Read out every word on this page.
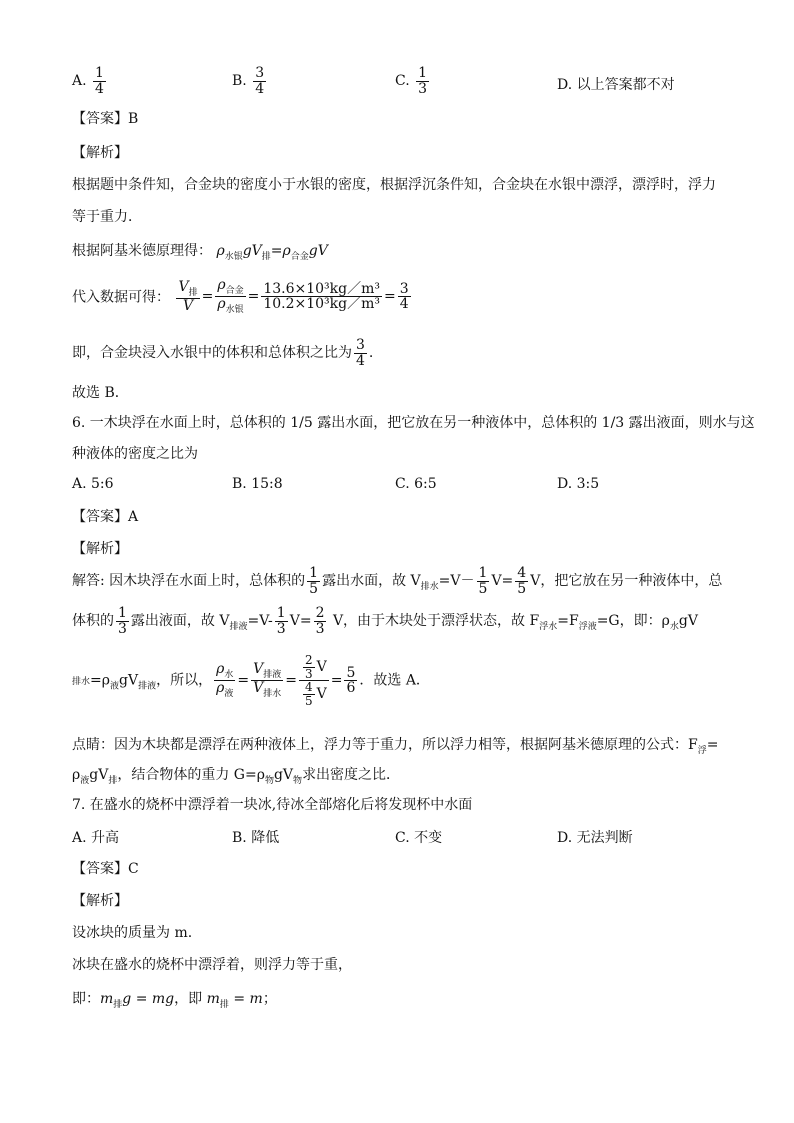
A. $\frac{1}{4}$	B. $\frac{3}{4}$	C. $\frac{1}{3}$	D. 以上答案都不对
【答案】B
【解析】
根据题中条件知，合金块的密度小于水银的密度，根据浮沉条件知，合金块在水银中漂浮，漂浮时，浮力
等于重力．
根据阿基米德原理得： $\rho_{水银}gV_排=\rho_{合金}gV$
代入数据可得： $\frac{V_排}{V} = \frac{\rho_{合金}}{\rho_{水银}} = \frac{\text{13.6×10³kg／m³}}{\text{10.2×10³kg／m³}} = \frac{3}{4}$
即，合金块浸入水银中的体积和总体积之比为 $\frac{3}{4}$ .
故选 B．
6. 一木块浮在水面上时，总体积的 1/5 露出水面，把它放在另一种液体中，总体积的 1/3 露出液面，则水与这
种液体的密度之比为
A. 5:6	B. 15:8	C. 6:5	D. 3:5
【答案】A
【解析】
解答: 因木块浮在水面上时，总体积的 $\frac{1}{5}$ 露出水面，故 $V_{排水}=V- \frac{1}{5} V= \frac{4}{5}$ V，把它放在另一种液体中，总
体积的 $\frac{1}{3}$ 露出液面，故 $V_{排液}=V- \frac{1}{3} V= \frac{2}{3}$ V，由于木块处于漂浮状态，故 $F_{浮水}=F_{浮液}=G$，即：$\rho_水gV$
排水$=\rho_液gV_{排液}$，所以， $\frac{\rho_水}{\rho_液} = \frac{V_{排液}}{V_{排水}} = \frac{\frac{2}{3} V}{\frac{4}{5} V} = \frac{5}{6}$ ．故选 A．
点睛：因为木块都是漂浮在两种液体上，浮力等于重力，所以浮力相等，根据阿基米德原理的公式：$F_浮=$
$\rho_液gV_排$，结合物体的重力 $G=\rho_物gV_物$求出密度之比．
7. 在盛水的烧杯中漂浮着一块冰,待冰全部熔化后将发现杯中水面
A. 升高	B. 降低	C. 不变	D. 无法判断
【答案】C
【解析】
设冰块的质量为 m.
冰块在盛水的烧杯中漂浮着，则浮力等于重，
即：$m_排g$ = mg，即 $m_排 = m$；
